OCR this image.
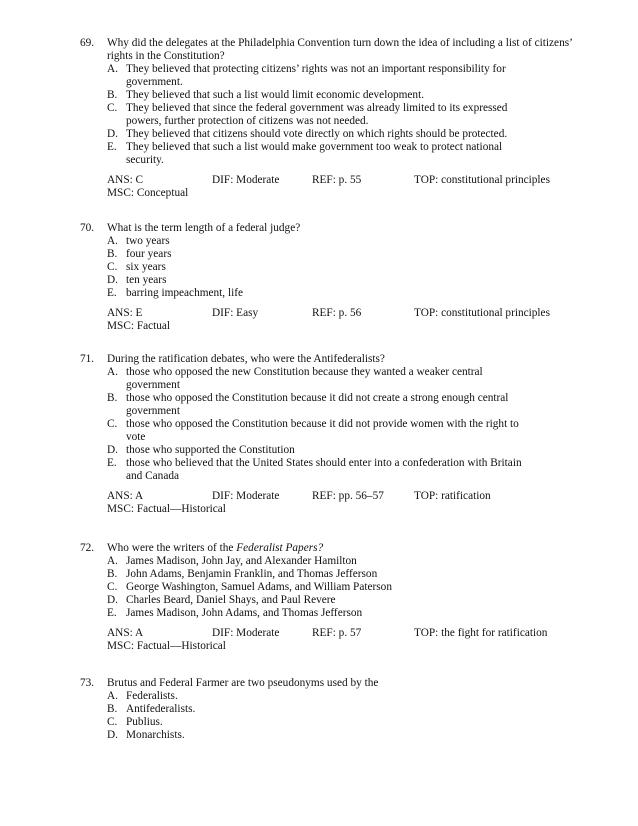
69. Why did the delegates at the Philadelphia Convention turn down the idea of including a list of citizens’
rights in the Constitution?
A. They believed that protecting citizens’ rights was not an important responsibility for
government.
B. They believed that such a list would limit economic development.
C. They believed that since the federal government was already limited to its expressed
powers, further protection of citizens was not needed.
D. They believed that citizens should vote directly on which rights should be protected.
E. They believed that such a list would make government too weak to protect national
security.
ANS: C	DIF: Moderate	REF: p. 55	TOP: constitutional principles
MSC: Conceptual
70. What is the term length of a federal judge?
A. two years
B. four years
C. six years
D. ten years
E. barring impeachment, life
ANS: E	DIF: Easy	REF: p. 56	TOP: constitutional principles
MSC: Factual
71. During the ratification debates, who were the Antifederalists?
A. those who opposed the new Constitution because they wanted a weaker central
government
B. those who opposed the Constitution because it did not create a strong enough central
government
C. those who opposed the Constitution because it did not provide women with the right to
vote
D. those who supported the Constitution
E. those who believed that the United States should enter into a confederation with Britain
and Canada
ANS: A	DIF: Moderate	REF: pp. 56–57	TOP: ratification
MSC: Factual—Historical
72. Who were the writers of the Federalist Papers?
A. James Madison, John Jay, and Alexander Hamilton
B. John Adams, Benjamin Franklin, and Thomas Jefferson
C. George Washington, Samuel Adams, and William Paterson
D. Charles Beard, Daniel Shays, and Paul Revere
E. James Madison, John Adams, and Thomas Jefferson
ANS: A	DIF: Moderate	REF: p. 57	TOP: the fight for ratification
MSC: Factual—Historical
73. Brutus and Federal Farmer are two pseudonyms used by the
A. Federalists.
B. Antifederalists.
C. Publius.
D. Monarchists.
